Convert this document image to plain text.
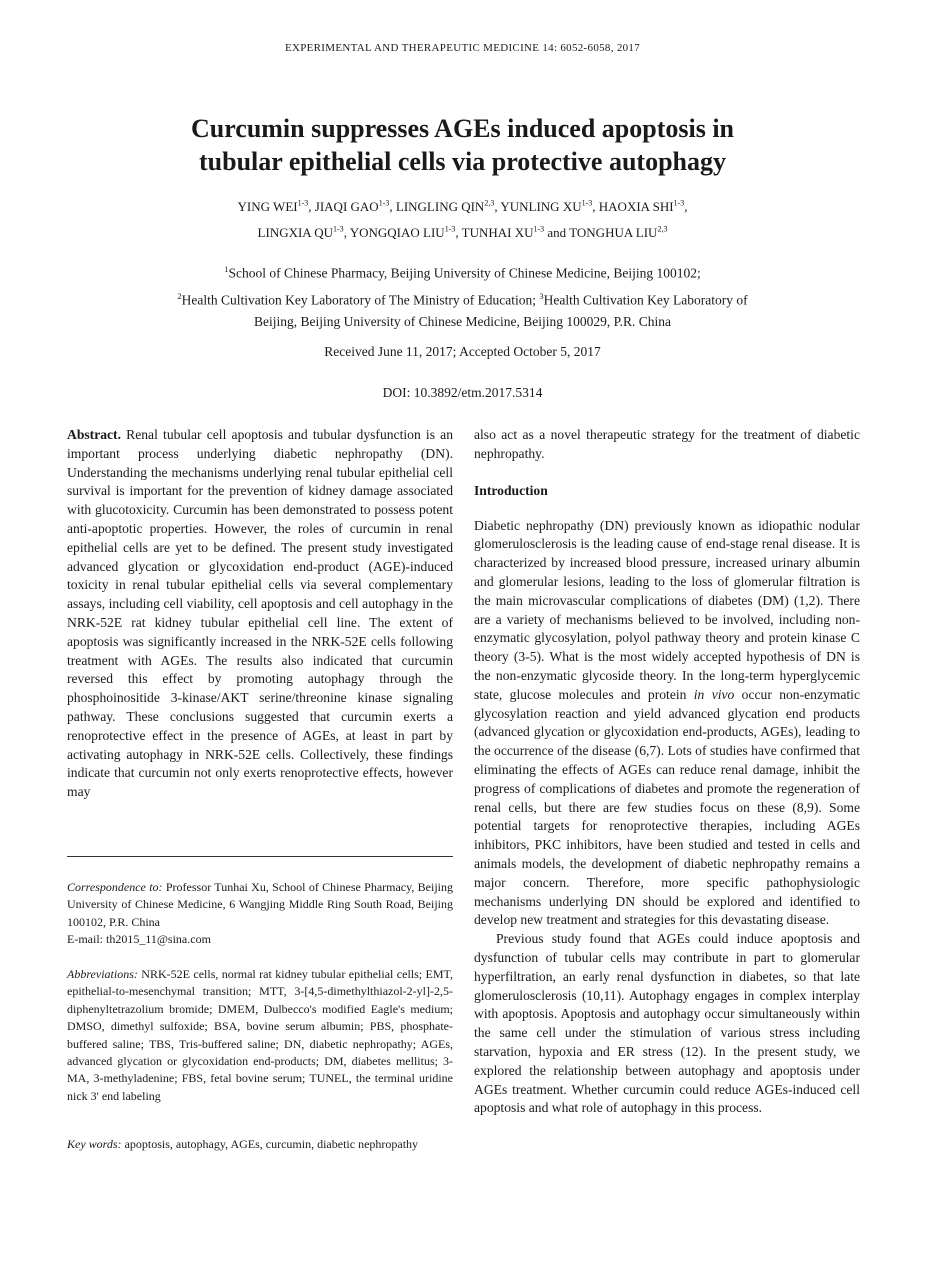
EXPERIMENTAL AND THERAPEUTIC MEDICINE 14: 6052-6058, 2017
Curcumin suppresses AGEs induced apoptosis in
tubular epithelial cells via protective autophagy
YING WEI$^{1-3}$, JIAQI GAO$^{1-3}$, LINGLING QIN$^{2,3}$, YUNLING XU$^{1-3}$, HAOXIA SHI$^{1-3}$,
LINGXIA QU$^{1-3}$, YONGQIAO LIU$^{1-3}$, TUNHAI XU$^{1-3}$ and TONGHUA LIU$^{2,3}$
$^1$School of Chinese Pharmacy, Beijing University of Chinese Medicine, Beijing 100102;
$^2$Health Cultivation Key Laboratory of The Ministry of Education; $^3$Health Cultivation Key Laboratory of
Beijing, Beijing University of Chinese Medicine, Beijing 100029, P.R. China
Received June 11, 2017; Accepted October 5, 2017
DOI: 10.3892/etm.2017.5314

Abstract. Renal tubular cell apoptosis and tubular dysfunction is an important process underlying diabetic nephropathy (DN). Understanding the mechanisms underlying renal tubular epithelial cell survival is important for the prevention of kidney damage associated with glucotoxicity. Curcumin has been demonstrated to possess potent anti-apoptotic properties. However, the roles of curcumin in renal epithelial cells are yet to be defined. The present study investigated advanced glycation or glycoxidation end-product (AGE)-induced toxicity in renal tubular epithelial cells via several complementary assays, including cell viability, cell apoptosis and cell autophagy in the NRK-52E rat kidney tubular epithelial cell line. The extent of apoptosis was significantly increased in the NRK-52E cells following treatment with AGEs. The results also indicated that curcumin reversed this effect by promoting autophagy through the phosphoinositide 3-kinase/AKT serine/threonine kinase signaling pathway. These conclusions suggested that curcumin exerts a renoprotective effect in the presence of AGEs, at least in part by activating autophagy in NRK-52E cells. Collectively, these findings indicate that curcumin not only exerts renoprotective effects, however may

Correspondence to: Professor Tunhai Xu, School of Chinese Pharmacy, Beijing University of Chinese Medicine, 6 Wangjing Middle Ring South Road, Beijing 100102, P.R. China
E-mail: th2015_11@sina.com

Abbreviations: NRK-52E cells, normal rat kidney tubular epithelial cells; EMT, epithelial-to-mesenchymal transition; MTT, 3-[4,5-dimethylthiazol-2-yl]-2,5-diphenyltetrazolium bromide; DMEM, Dulbecco's modified Eagle's medium; DMSO, dimethyl sulfoxide; BSA, bovine serum albumin; PBS, phosphate-buffered saline; TBS, Tris-buffered saline; DN, diabetic nephropathy; AGEs, advanced glycation or glycoxidation end-products; DM, diabetes mellitus; 3-MA, 3-methyladenine; FBS, fetal bovine serum; TUNEL, the terminal uridine nick 3' end labeling

Key words: apoptosis, autophagy, AGEs, curcumin, diabetic nephropathy

also act as a novel therapeutic strategy for the treatment of diabetic nephropathy.

Introduction

Diabetic nephropathy (DN) previously known as idiopathic nodular glomerulosclerosis is the leading cause of end-stage renal disease. It is characterized by increased blood pressure, increased urinary albumin and glomerular lesions, leading to the loss of glomerular filtration is the main microvascular complications of diabetes (DM) (1,2). There are a variety of mechanisms believed to be involved, including non-enzymatic glycosylation, polyol pathway theory and protein kinase C theory (3-5). What is the most widely accepted hypothesis of DN is the non-enzymatic glycoside theory. In the long-term hyperglycemic state, glucose molecules and protein in vivo occur non-enzymatic glycosylation reaction and yield advanced glycation end products (advanced glycation or glycoxidation end-products, AGEs), leading to the occurrence of the disease (6,7). Lots of studies have confirmed that eliminating the effects of AGEs can reduce renal damage, inhibit the progress of complications of diabetes and promote the regeneration of renal cells, but there are few studies focus on these (8,9). Some potential targets for renoprotective therapies, including AGEs inhibitors, PKC inhibitors, have been studied and tested in cells and animals models, the development of diabetic nephropathy remains a major concern. Therefore, more specific pathophysiologic mechanisms underlying DN should be explored and identified to develop new treatment and strategies for this devastating disease.

Previous study found that AGEs could induce apoptosis and dysfunction of tubular cells may contribute in part to glomerular hyperfiltration, an early renal dysfunction in diabetes, so that late glomerulosclerosis (10,11). Autophagy engages in complex interplay with apoptosis. Apoptosis and autophagy occur simultaneously within the same cell under the stimulation of various stress including starvation, hypoxia and ER stress (12). In the present study, we explored the relationship between autophagy and apoptosis under AGEs treatment. Whether curcumin could reduce AGEs-induced cell apoptosis and what role of autophagy in this process.
